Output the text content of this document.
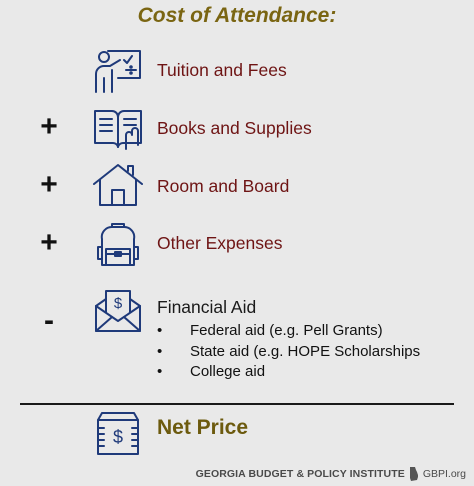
Cost of Attendance:
Tuition and Fees
+	Books and Supplies
+	Room and Board
+	Other Expenses
-
$ Financial Aid
• Federal aid (e.g. Pell Grants)
• State aid (e.g. HOPE Scholarships
• College aid
$ Net Price
GEORGIA BUDGET & POLICY INSTITUTE GBPI.org
